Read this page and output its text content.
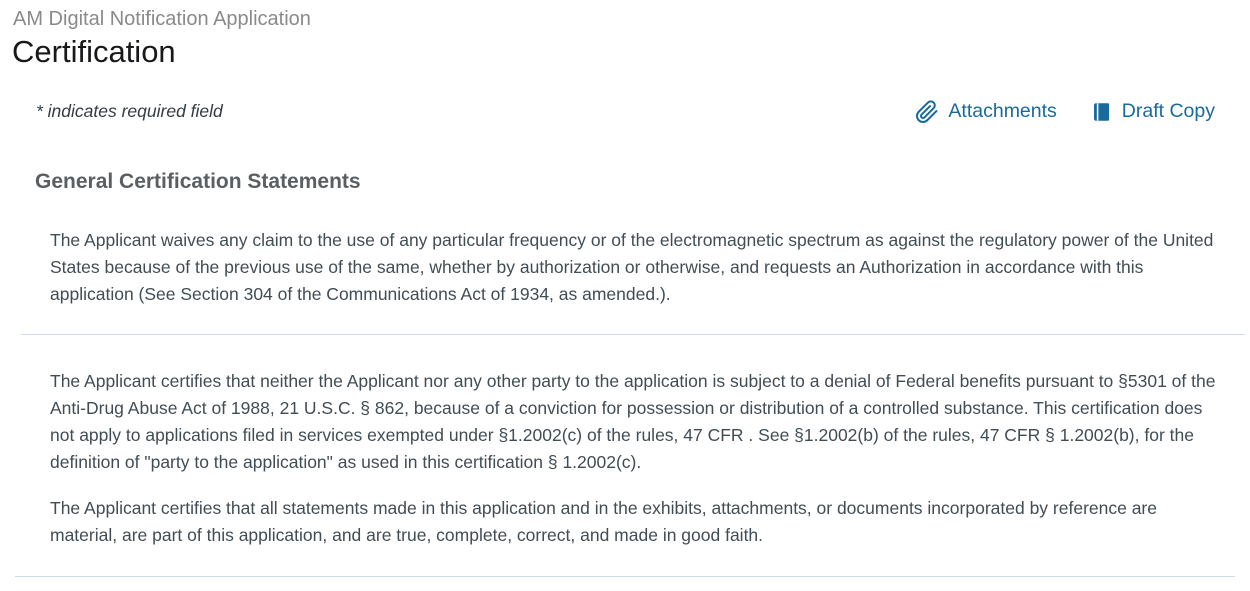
AM Digital Notification Application
Certification
* indicates required field	Attachments	Draft Copy
General Certification Statements

The Applicant waives any claim to the use of any particular frequency or of the electromagnetic spectrum as against the regulatory power of the United States because of the previous use of the same, whether by authorization or otherwise, and requests an Authorization in accordance with this application (See Section 304 of the Communications Act of 1934, as amended.).

The Applicant certifies that neither the Applicant nor any other party to the application is subject to a denial of Federal benefits pursuant to §5301 of the Anti-Drug Abuse Act of 1988, 21 U.S.C. § 862, because of a conviction for possession or distribution of a controlled substance. This certification does not apply to applications filed in services exempted under §1.2002(c) of the rules, 47 CFR . See §1.2002(b) of the rules, 47 CFR § 1.2002(b), for the definition of "party to the application" as used in this certification § 1.2002(c).

The Applicant certifies that all statements made in this application and in the exhibits, attachments, or documents incorporated by reference are material, are part of this application, and are true, complete, correct, and made in good faith.
